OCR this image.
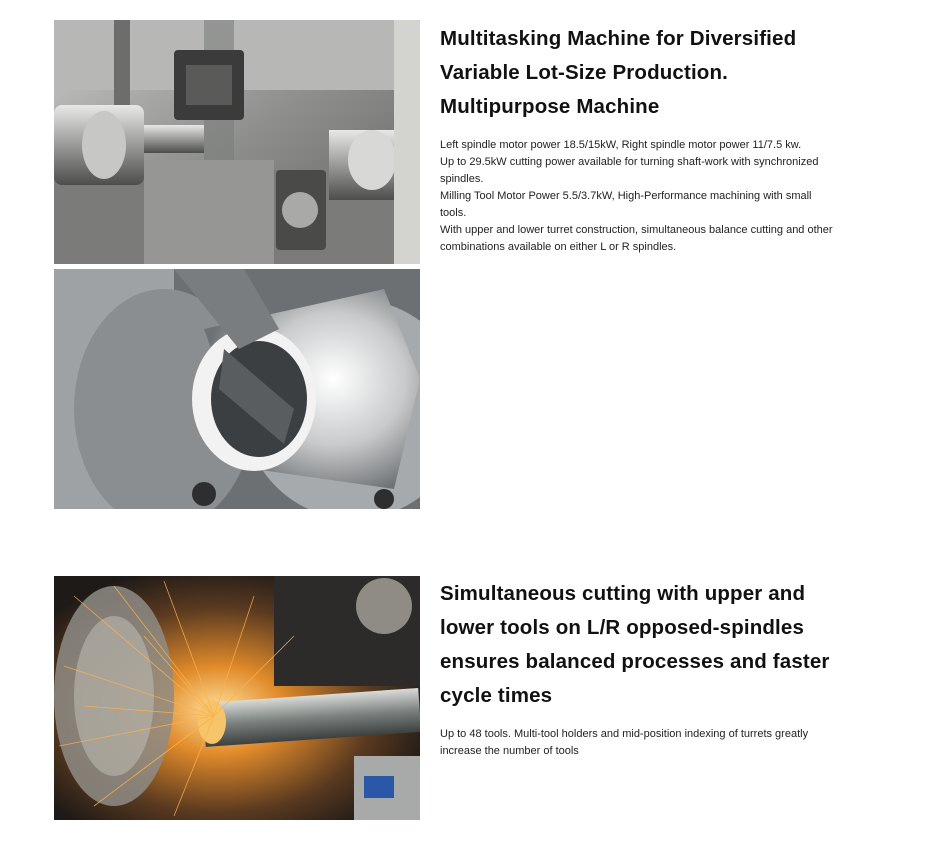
Multitasking Machine for Diversified Variable Lot-Size Production. Multipurpose Machine

Left spindle motor power 18.5/15kW, Right spindle motor power 11/7.5 kw.

Up to 29.5kW cutting power available for turning shaft-work with synchronized spindles.

Milling Tool Motor Power 5.5/3.7kW, High-Performance machining with small tools.

With upper and lower turret construction, simultaneous balance cutting and other combinations available on either L or R spindles.

Simultaneous cutting with upper and lower tools on L/R opposed-spindles ensures balanced processes and faster cycle times

Up to 48 tools. Multi-tool holders and mid-position indexing of turrets greatly increase the number of tools
